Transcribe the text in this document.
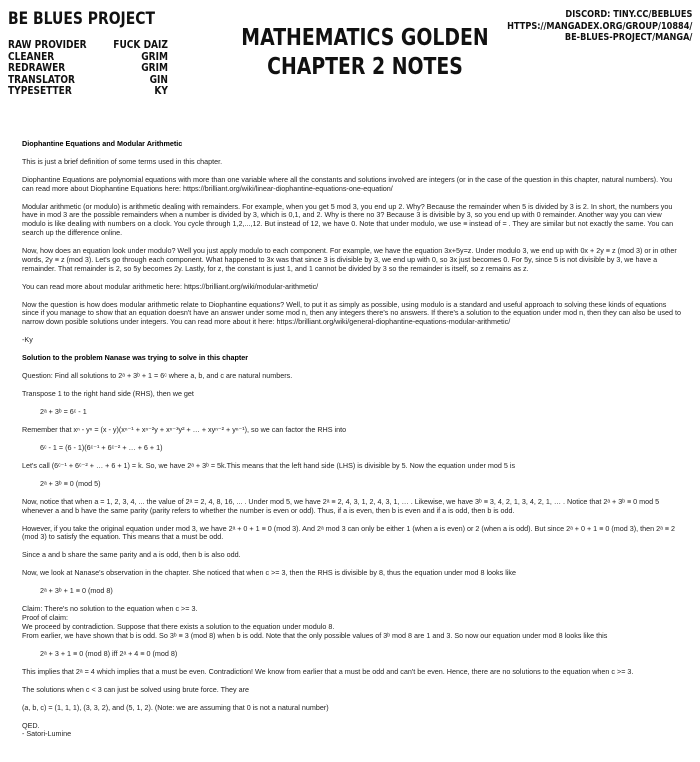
BE BLUES PROJECT
RAW PROVIDER	FUCK DAIZ
CLEANER	GRIM
REDRAWER	GRIM
TRANSLATOR	GIN
TYPESETTER	KY
MATHEMATICS GOLDEN
CHAPTER 2 NOTES
DISCORD: TINY.CC/BEBLUES
HTTPS://MANGADEX.ORG/GROUP/10884/
BE-BLUES-PROJECT/MANGA/

Diophantine Equations and Modular Arithmetic

This is just a brief definition of some terms used in this chapter.

Diophantine Equations are polynomial equations with more than one variable where all the constants and solutions involved are integers (or in the case of the question in this chapter, natural numbers). You can read more about Diophantine Equations here: https://brilliant.org/wiki/linear-diophantine-equations-one-equation/

Modular arithmetic (or modulo) is arithmetic dealing with remainders. For example, when you get 5 mod 3, you end up 2. Why? Because the remainder when 5 is divided by 3 is 2. In short, the numbers you have in mod 3 are the possible remainders when a number is divided by 3, which is 0,1, and 2. Why is there no 3? Because 3 is divisible by 3, so you end up with 0 remainder. Another way you can view modulo is like dealing with numbers on a clock. You cycle through 1,2,...,12. But instead of 12, we have 0. Note that under modulo, we use ≡ instead of = . They are similar but not exactly the same. You can search up the difference online.

Now, how does an equation look under modulo? Well you just apply modulo to each component. For example, we have the equation 3x+5y=z. Under modulo 3, we end up with 0x + 2y ≡ z (mod 3) or in other words, 2y ≡ z (mod 3). Let's go through each component. What happened to 3x was that since 3 is divisible by 3, we end up with 0, so 3x just becomes 0. For 5y, since 5 is not divisible by 3, we have a remainder. That remainder is 2, so 5y becomes 2y. Lastly, for z, the constant is just 1, and 1 cannot be divided by 3 so the remainder is itself, so z remains as z.

You can read more about modular arithmetic here: https://brilliant.org/wiki/modular-arithmetic/

Now the question is how does modular arithmetic relate to Diophantine equations? Well, to put it as simply as possible, using modulo is a standard and useful approach to solving these kinds of equations since if you manage to show that an equation doesn't have an answer under some mod n, then any integers there's no answers. If there's a solution to the equation under mod n, then they can also be used to narrow down posible solutions under integers. You can read more about it here: https://brilliant.org/wiki/general-diophantine-equations-modular-arithmetic/

-Ky

Solution to the problem Nanase was trying to solve in this chapter

Question: Find all solutions to 2ᵃ + 3ᵇ + 1 = 6ᶜ where a, b, and c are natural numbers.

Transpose 1 to the right hand side (RHS), then we get

2ᵃ + 3ᵇ = 6ᶜ - 1

Remember that xⁿ - yⁿ = (x - y)(xⁿ⁻¹ + xⁿ⁻²y + xⁿ⁻³y² + … + xyⁿ⁻² + yⁿ⁻¹), so we can factor the RHS into

6ᶜ - 1 = (6 - 1)(6ᶜ⁻¹ + 6ᶜ⁻² + … + 6 + 1)

Let's call (6ᶜ⁻¹ + 6ᶜ⁻² + … + 6 + 1) = k. So, we have 2ᵃ + 3ᵇ = 5k.This means that the left hand side (LHS) is divisible by 5. Now the equation under mod 5 is

2ᵃ + 3ᵇ ≡ 0 (mod 5)

Now, notice that when a = 1, 2, 3, 4, ... the value of 2ᵃ = 2, 4, 8, 16, ... . Under mod 5, we have 2ᵃ ≡ 2, 4, 3, 1, 2, 4, 3, 1, … . Likewise, we have 3ᵇ ≡ 3, 4, 2, 1, 3, 4, 2, 1, … . Notice that 2ᵃ + 3ᵇ ≡ 0 mod 5 whenever a and b have the same parity (parity refers to whether the number is even or odd). Thus, if a is even, then b is even and if a is odd, then b is odd.

However, if you take the original equation under mod 3, we have 2ᵃ + 0 + 1 ≡ 0 (mod 3). And 2ᵃ mod 3 can only be either 1 (when a is even) or 2 (when a is odd). But since 2ᵃ + 0 + 1 ≡ 0 (mod 3), then 2ᵃ ≡ 2 (mod 3) to satisfy the equation. This means that a must be odd.

Since a and b share the same parity and a is odd, then b is also odd.

Now, we look at Nanase's observation in the chapter. She noticed that when c >= 3, then the RHS is divisible by 8, thus the equation under mod 8 looks like

2ᵃ + 3ᵇ + 1 ≡ 0 (mod 8)

Claim: There's no solution to the equation when c >= 3.

Proof of claim:

We proceed by contradiction. Suppose that there exists a solution to the equation under modulo 8.

From earlier, we have shown that b is odd. So 3ᵇ ≡ 3 (mod 8) when b is odd. Note that the only possible values of 3ᵇ mod 8 are 1 and 3. So now our equation under mod 8 looks like this

2ᵃ + 3 + 1 ≡ 0 (mod 8) iff 2ᵃ + 4 ≡ 0 (mod 8)

This implies that 2ᵃ = 4 which implies that a must be even. Contradiction! We know from earlier that a must be odd and can't be even. Hence, there are no solutions to the equation when c >= 3.

The solutions when c < 3 can just be solved using brute force. They are

(a, b, c) = (1, 1, 1), (3, 3, 2), and (5, 1, 2). (Note: we are assuming that 0 is not a natural number)

QED.

- Satori-Lumine
